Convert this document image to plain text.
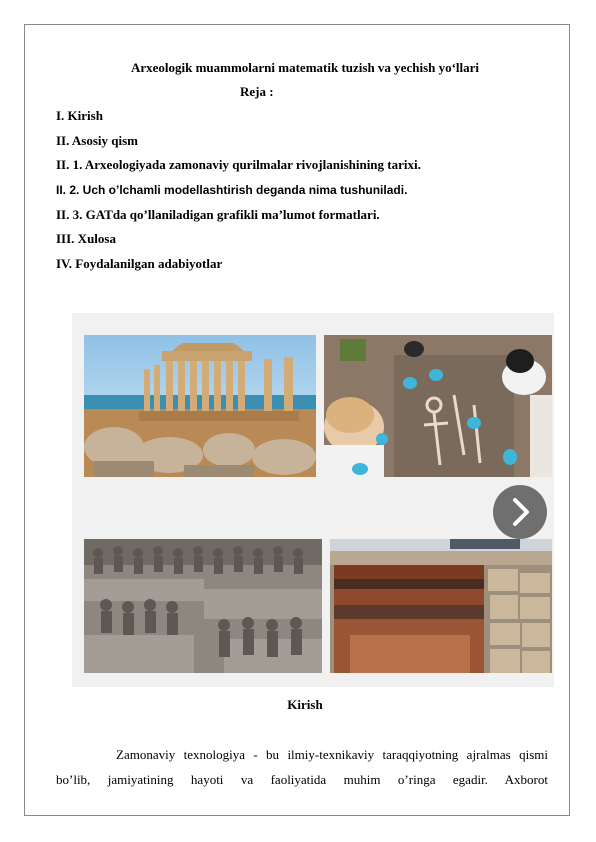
Arxeologik muammolarni matematik tuzish va yechish yo‘llari
Reja :
I. Kirish
II. Asosiy qism
II. 1. Arxeologiyada zamonaviy qurilmalar rivojlanishining tarixi.
II. 2. Uch o’lchamli modellashtirish deganda nima tushuniladi.
II. 3. GATda qo’llaniladigan grafikli ma’lumot formatlari.
III. Xulosa
IV. Foydalanilgan adabiyotlar
Kirish
Zamonaviy texnologiya - bu ilmiy-texnikaviy taraqqiyotning ajralmas qismi
bo’lib, jamiyatining hayoti va faoliyatida muhim o’ringa egadir. Axborot
